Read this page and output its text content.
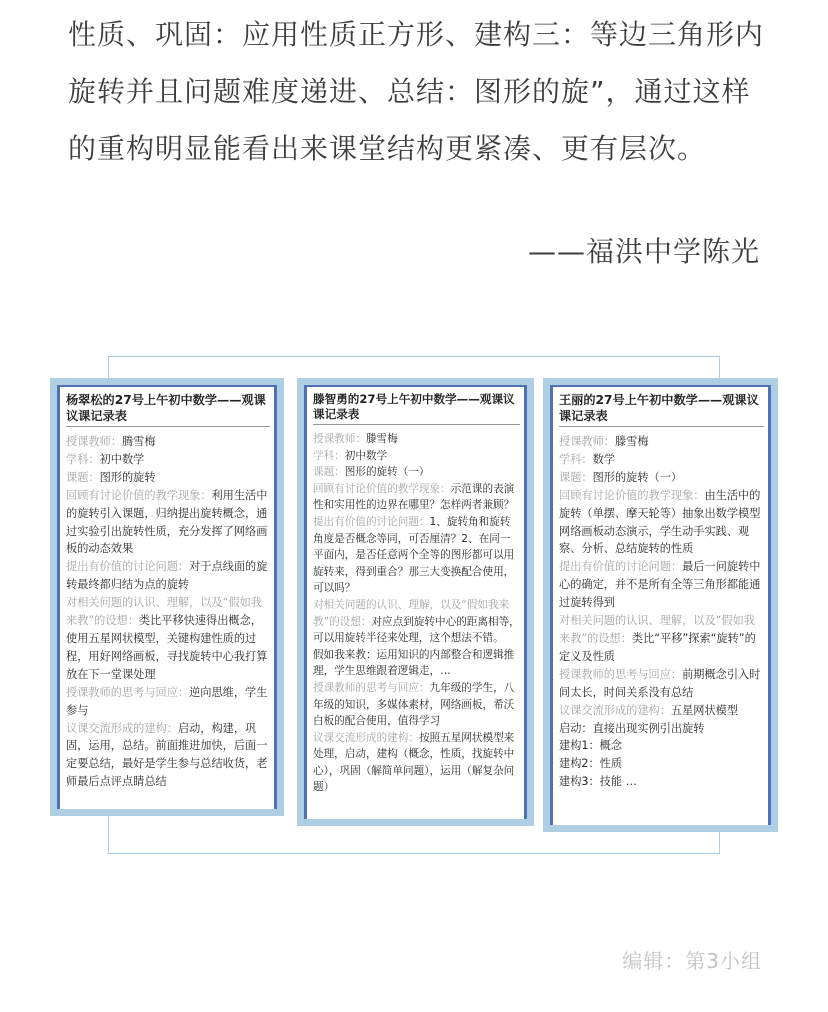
性质、巩固：应用性质正方形、建构三：等边三角形内旋转并且问题难度递进、总结：图形的旋”，通过这样的重构明显能看出来课堂结构更紧凑、更有层次。

——福洪中学陈光
杨翠松的27号上午初中数学——观课议课记录表
授课教师：腾雪梅
学科：初中数学
课题：图形的旋转
回顾有讨论价值的教学现象：利用生活中的旋转引入课题，归纳提出旋转概念，通过实验引出旋转性质，充分发挥了网络画板的动态效果
提出有价值的讨论问题：对于点线面的旋转最终都归结为点的旋转
对相关问题的认识、理解，以及“假如我来教”的设想：类比平移快速得出概念，使用五星网状模型，关键构建性质的过程，用好网络画板，寻找旋转中心我打算放在下一堂课处理
授课教师的思考与回应：逆向思维，学生参与
议课交流形成的建构：启动，构建，巩固，运用，总结。前面推进加快，后面一定要总结，最好是学生参与总结收货，老师最后点评点睛总结
滕智勇的27号上午初中数学——观课议课记录表
授课教师：滕雪梅
学科：初中数学
课题：图形的旋转（一）
回顾有讨论价值的教学现象：示范课的表演性和实用性的边界在哪里？怎样两者兼顾？
提出有价值的讨论问题：1、旋转角和旋转角度是否概念等同，可否厘清？2、在同一平面内，是否任意两个全等的图形都可以用旋转来，得到重合？那三大变换配合使用，可以吗？
对相关问题的认识、理解，以及“假如我来教”的设想：对应点到旋转中心的距离相等，可以用旋转半径来处理，这个想法不错。
假如我来教：运用知识的内部整合和逻辑推理，学生思维跟着逻辑走，…
授课教师的思考与回应：九年级的学生，八年级的知识，多媒体素材，网络画板，希沃白板的配合使用，值得学习
议课交流形成的建构：按照五星网状模型来处理，启动，建构（概念，性质，找旋转中心），巩固（解简单问题），运用（解复杂问题）
王丽的27号上午初中数学——观课议课记录表
授课教师：滕雪梅
学科：数学
课题：图形的旋转（一）
回顾有讨论价值的教学现象：由生活中的旋转（单摆、摩天轮等）抽象出数学模型
网络画板动态演示，学生动手实践、观察、分析、总结旋转的性质
提出有价值的讨论问题：最后一问旋转中心的确定，并不是所有全等三角形都能通过旋转得到
对相关问题的认识、理解，以及“假如我来教”的设想：类比“平移”探索“旋转”的定义及性质
授课教师的思考与回应：前期概念引入时间太长，时间关系没有总结
议课交流形成的建构：五星网状模型
启动：直接出现实例引出旋转
建构1：概念
建构2：性质
建构3：技能 …
编辑：第3小组
